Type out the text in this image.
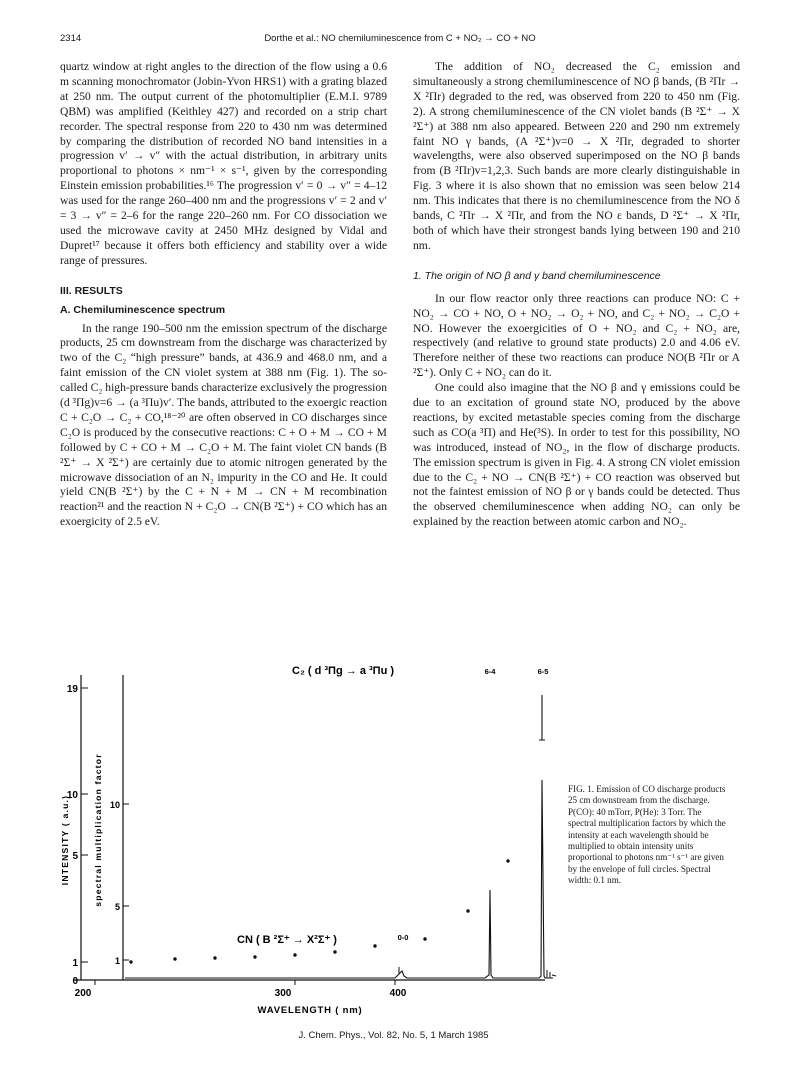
2314	Dorthe et al.: NO chemiluminescence from C + NO₂ → CO + NO

quartz window at right angles to the direction of the flow using a 0.6 m scanning monochromator (Jobin-Yvon HRS1) with a grating blazed at 250 nm. The output current of the photomultiplier (E.M.I. 9789 QBM) was amplified (Keithley 427) and recorded on a strip chart recorder. The spectral response from 220 to 430 nm was determined by comparing the distribution of recorded NO band intensities in a progression v′ → v″ with the actual distribution, in arbitrary units proportional to photons × nm⁻¹ × s⁻¹, given by the corresponding Einstein emission probabilities.¹⁶ The progression v′ = 0 → v″ = 4–12 was used for the range 260–400 nm and the progressions v′ = 2 and v′ = 3 → v″ = 2–6 for the range 220–260 nm. For CO dissociation we used the microwave cavity at 2450 MHz designed by Vidal and Dupret¹⁷ because it offers both efficiency and stability over a wide range of pressures.

III. RESULTS

A. Chemiluminescence spectrum

In the range 190–500 nm the emission spectrum of the discharge products, 25 cm downstream from the discharge was characterized by two of the C₂ “high pressure” bands, at 436.9 and 468.0 nm, and a faint emission of the CN violet system at 388 nm (Fig. 1). The so-called C₂ high-pressure bands characterize exclusively the progression (d ³Πg)v=6 → (a ³Πu)v′. The bands, attributed to the exoergic reaction C + C₂O → C₂ + CO,¹⁸⁻²⁰ are often observed in CO discharges since C₂O is produced by the consecutive reactions: C + O + M → CO + M followed by C + CO + M → C₂O + M. The faint violet CN bands (B ²Σ⁺ → X ²Σ⁺) are certainly due to atomic nitrogen generated by the microwave dissociation of an N₂ impurity in the CO and He. It could yield CN(B ²Σ⁺) by the C + N + M → CN + M recombination reaction²¹ and the reaction N + C₂O → CN(B ²Σ⁺) + CO which has an exoergicity of 2.5 eV.

The addition of NO₂ decreased the C₂ emission and simultaneously a strong chemiluminescence of NO β bands, (B ²Πr → X ²Πr) degraded to the red, was observed from 220 to 450 nm (Fig. 2). A strong chemiluminescence of the CN violet bands (B ²Σ⁺ → X ²Σ⁺) at 388 nm also appeared. Between 220 and 290 nm extremely faint NO γ bands, (A ²Σ⁺)v=0 → X ²Πr, degraded to shorter wavelengths, were also observed superimposed on the NO β bands from (B ²Πr)v=1,2,3. Such bands are more clearly distinguishable in Fig. 3 where it is also shown that no emission was seen below 214 nm. This indicates that there is no chemiluminescence from the NO δ bands, C ²Πr → X ²Πr, and from the NO ε bands, D ²Σ⁺ → X ²Πr, both of which have their strongest bands lying between 190 and 210 nm.

1. The origin of NO β and γ band chemiluminescence

In our flow reactor only three reactions can produce NO: C + NO₂ → CO + NO, O + NO₂ → O₂ + NO, and C₂ + NO₂ → C₂O + NO. However the exoergicities of O + NO₂ and C₂ + NO₂ are, respectively (and relative to ground state products) 2.0 and 4.06 eV. Therefore neither of these two reactions can produce NO(B ²Πr or A ²Σ⁺). Only C + NO₂ can do it.

One could also imagine that the NO β and γ emissions could be due to an excitation of ground state NO, produced by the above reactions, by excited metastable species coming from the discharge such as CO(a ³Π) and He(³S). In order to test for this possibility, NO was introduced, instead of NO₂, in the flow of discharge products. The emission spectrum is given in Fig. 4. A strong CN violet emission due to the C₂ + NO → CN(B ²Σ⁺) + CO reaction was observed but not the faintest emission of NO β or γ bands could be detected. Thus the observed chemiluminescence when adding NO₂ can only be explained by the reaction between atomic carbon and NO₂.

19
10
5
1
0
10
5
1
INTENSITY ( a.u.)	spectral multiplication factor
200	300	400
WAVELENGTH ( nm)
C₂ ( d ³Πg → a ³Πu )
CN ( B ²Σ⁺ → X²Σ⁺ )	0-0
6-4	6-5
FIG. 1. Emission of CO discharge products 25 cm downstream from the discharge. P(CO): 40 mTorr, P(He): 3 Torr. The spectral multiplication factors by which the intensity at each wavelength should be multiplied to obtain intensity units proportional to photons nm⁻¹ s⁻¹ are given by the envelope of full circles. Spectral width: 0.1 nm.
J. Chem. Phys., Vol. 82, No. 5, 1 March 1985
